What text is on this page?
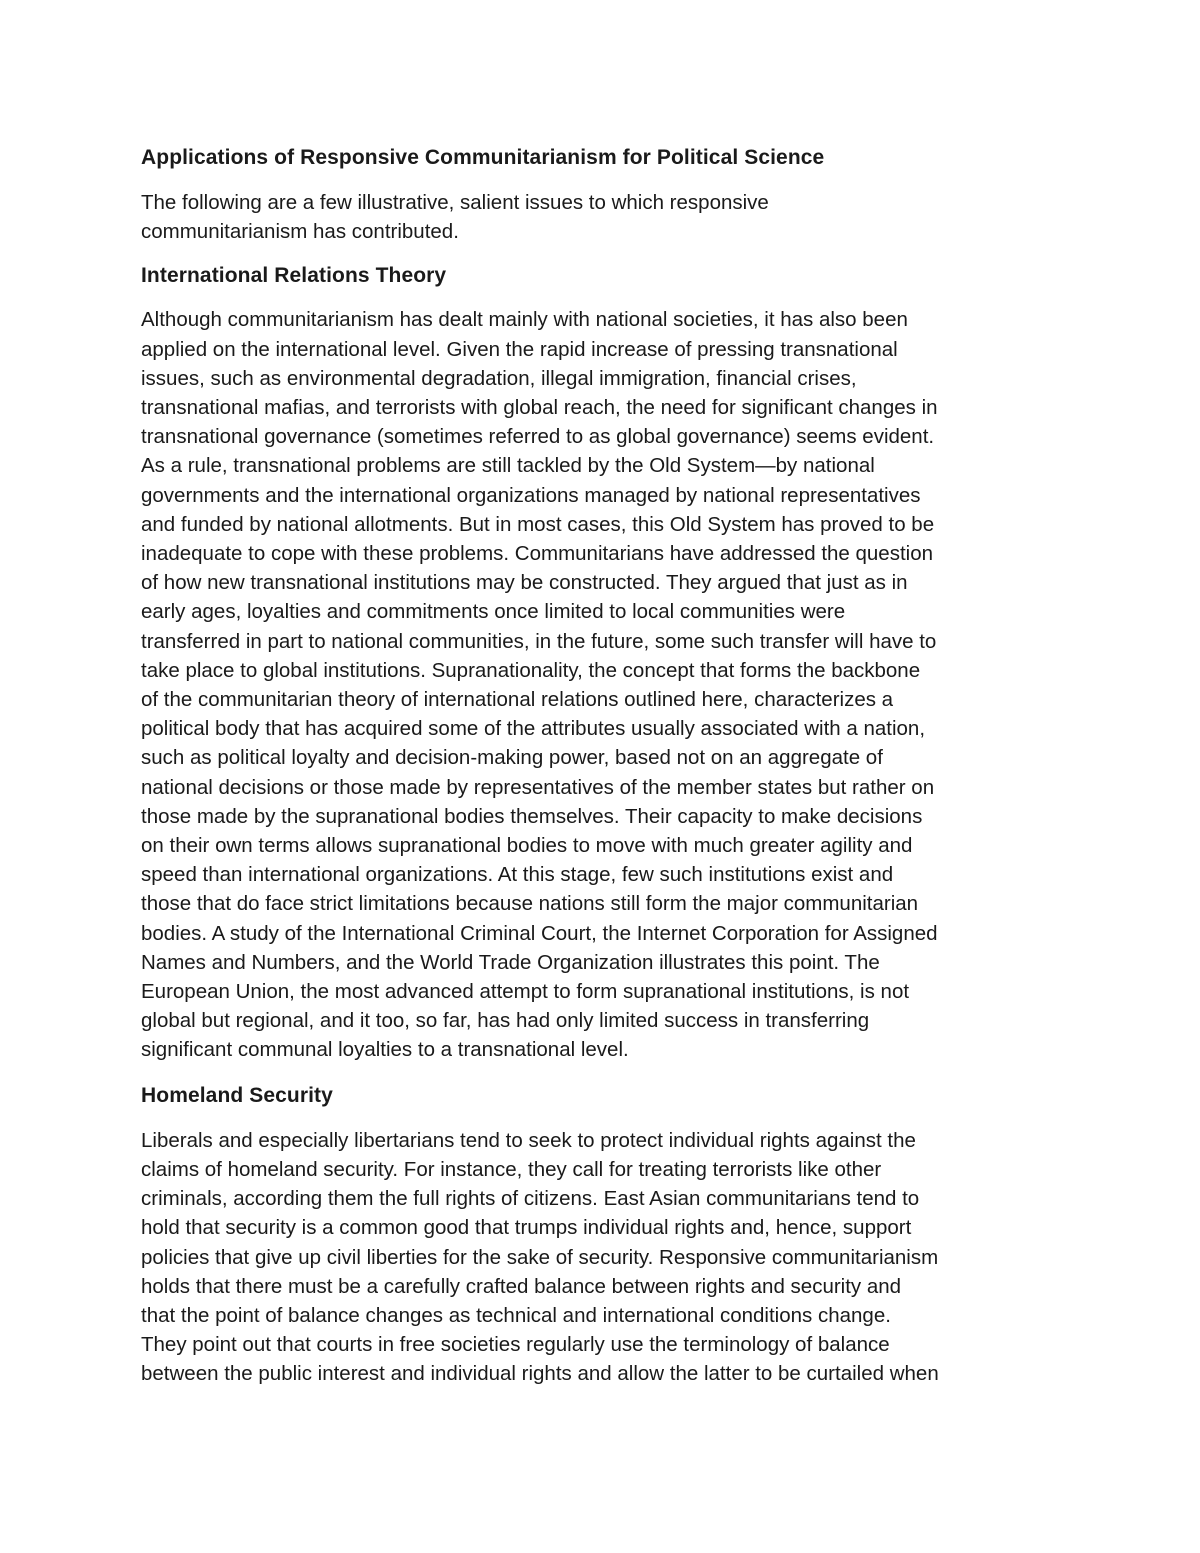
Applications of Responsive Communitarianism for Political Science

The following are a few illustrative, salient issues to which responsive
communitarianism has contributed.

International Relations Theory

Although communitarianism has dealt mainly with national societies, it has also been
applied on the international level. Given the rapid increase of pressing transnational
issues, such as environmental degradation, illegal immigration, financial crises,
transnational mafias, and terrorists with global reach, the need for significant changes in
transnational governance (sometimes referred to as global governance) seems evident.
As a rule, transnational problems are still tackled by the Old System—by national
governments and the international organizations managed by national representatives
and funded by national allotments. But in most cases, this Old System has proved to be
inadequate to cope with these problems. Communitarians have addressed the question
of how new transnational institutions may be constructed. They argued that just as in
early ages, loyalties and commitments once limited to local communities were
transferred in part to national communities, in the future, some such transfer will have to
take place to global institutions. Supranationality, the concept that forms the backbone
of the communitarian theory of international relations outlined here, characterizes a
political body that has acquired some of the attributes usually associated with a nation,
such as political loyalty and decision-making power, based not on an aggregate of
national decisions or those made by representatives of the member states but rather on
those made by the supranational bodies themselves. Their capacity to make decisions
on their own terms allows supranational bodies to move with much greater agility and
speed than international organizations. At this stage, few such institutions exist and
those that do face strict limitations because nations still form the major communitarian
bodies. A study of the International Criminal Court, the Internet Corporation for Assigned
Names and Numbers, and the World Trade Organization illustrates this point. The
European Union, the most advanced attempt to form supranational institutions, is not
global but regional, and it too, so far, has had only limited success in transferring
significant communal loyalties to a transnational level.

Homeland Security

Liberals and especially libertarians tend to seek to protect individual rights against the
claims of homeland security. For instance, they call for treating terrorists like other
criminals, according them the full rights of citizens. East Asian communitarians tend to
hold that security is a common good that trumps individual rights and, hence, support
policies that give up civil liberties for the sake of security. Responsive communitarianism
holds that there must be a carefully crafted balance between rights and security and
that the point of balance changes as technical and international conditions change.
They point out that courts in free societies regularly use the terminology of balance
between the public interest and individual rights and allow the latter to be curtailed when
